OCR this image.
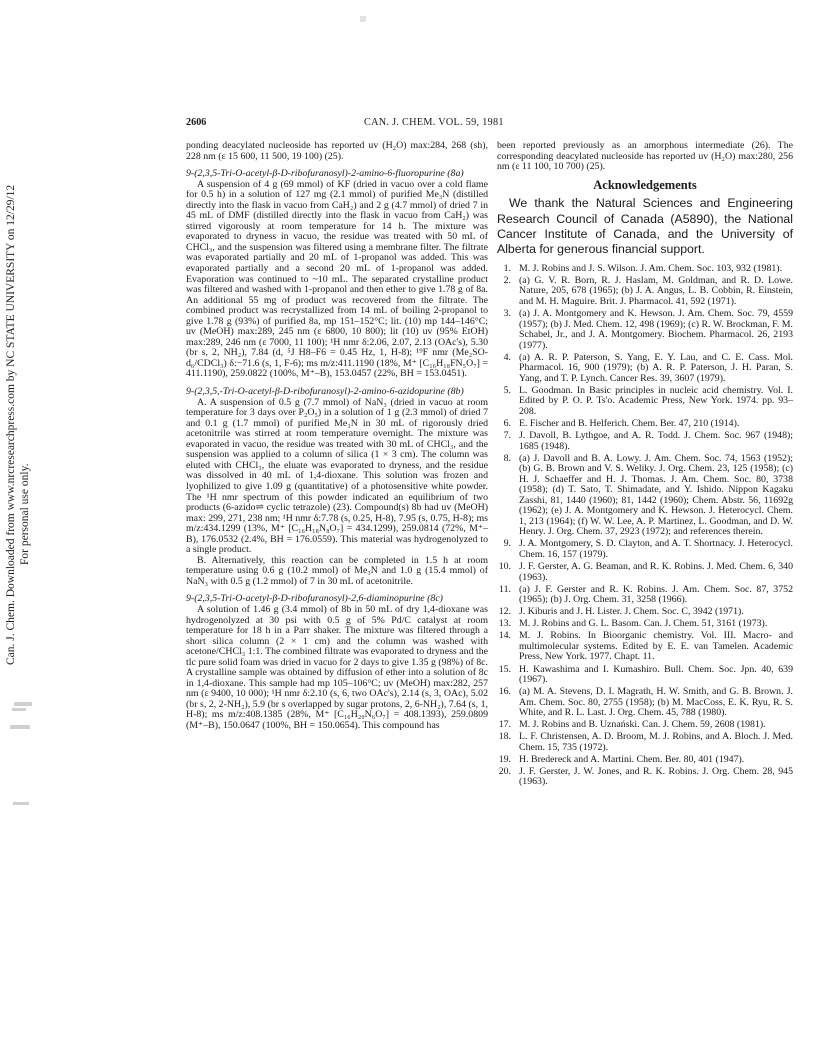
Can. J. Chem. Downloaded from www.nrcresearchpress.com by NC STATE UNIVERSITY on 12/29/12 For personal use only.
2606	CAN. J. CHEM. VOL. 59, 1981

ponding deacylated nucleoside has reported uv (H₂O) max:284, 268 (sh), 228 nm (ε 15 600, 11 500, 19 100) (25).

9-(2,3,5-Tri-O-acetyl-β-D-ribofuranosyl)-2-amino-6-fluoropurine (8a)

A suspension of 4 g (69 mmol) of KF (dried in vacuo over a cold flame for 0.5 h) in a solution of 127 mg (2.1 mmol) of purified Me₃N (distilled directly into the flask in vacuo from CaH₂) and 2 g (4.7 mmol) of dried 7 in 45 mL of DMF (distilled directly into the flask in vacuo from CaH₂) was stirred vigorously at room temperature for 14 h. The mixture was evaporated to dryness in vacuo, the residue was treated with 50 mL of CHCl₃, and the suspension was filtered using a membrane filter. The filtrate was evaporated partially and 20 mL of 1-propanol was added. This was evaporated partially and a second 20 mL of 1-propanol was added. Evaporation was continued to ~10 mL. The separated crystalline product was filtered and washed with 1-propanol and then ether to give 1.78 g of 8a. An additional 55 mg of product was recovered from the filtrate. The combined product was recrystallized from 14 mL of boiling 2-propanol to give 1.78 g (93%) of purified 8a, mp 151–152°C; lit. (10) mp 144–146°C; uv (MeOH) max:289, 245 nm (ε 6800, 10 800); lit (10) uv (95% EtOH) max:289, 246 nm (ε 7000, 11 100); ¹H nmr δ:2.06, 2.07, 2.13 (OAc's), 5.30 (br s, 2, NH₂), 7.84 (d, ⁵J H8–F6 = 0.45 Hz, 1, H-8); ¹⁹F nmr (Me₂SO-d₆/CDCl₃) δ:−71.6 (s, 1, F-6); ms m/z:411.1190 (18%, M⁺ [C₁₆H₁₈FN₅O₇] = 411.1190), 259.0822 (100%, M⁺–B), 153.0457 (22%, BH = 153.0451).

9-(2,3,5,-Tri-O-acetyl-β-D-ribofuranosyl)-2-amino-6-azidopurine (8b)

A. A suspension of 0.5 g (7.7 mmol) of NaN₃ (dried in vacuo at room temperature for 3 days over P₂O₅) in a solution of 1 g (2.3 mmol) of dried 7 and 0.1 g (1.7 mmol) of purified Me₃N in 30 mL of rigorously dried acetonitrile was stirred at room temperature overnight. The mixture was evaporated in vacuo, the residue was treated with 30 mL of CHCl₃, and the suspension was applied to a column of silica (1 × 3 cm). The column was eluted with CHCl₃, the eluate was evaporated to dryness, and the residue was dissolved in 40 mL of 1,4-dioxane. This solution was frozen and lyophilized to give 1.09 g (quantitative) of a photosensitive white powder. The ¹H nmr spectrum of this powder indicated an equilibrium of two products (6-azido⇌ cyclic tetrazole) (23). Compound(s) 8b had uv (MeOH) max: 299, 271, 238 nm; ¹H nmr δ:7.78 (s, 0.25, H-8), 7.95 (s, 0.75, H-8); ms m/z:434.1299 (13%, M⁺ [C₁₆H₁₈N₈O₇] = 434.1299), 259.0814 (72%, M⁺–B), 176.0532 (2.4%, BH = 176.0559). This material was hydrogenolyzed to a single product.

B. Alternatively, this reaction can be completed in 1.5 h at room temperature using 0.6 g (10.2 mmol) of Me₃N and 1.0 g (15.4 mmol) of NaN₃ with 0.5 g (1.2 mmol) of 7 in 30 mL of acetonitrile.

9-(2,3,5-Tri-O-acetyl-β-D-ribofuranosyl)-2,6-diaminopurine (8c)

A solution of 1.46 g (3.4 mmol) of 8b in 50 mL of dry 1,4-dioxane was hydrogenolyzed at 30 psi with 0.5 g of 5% Pd/C catalyst at room temperature for 18 h in a Parr shaker. The mixture was filtered through a short silica column (2 × 1 cm) and the column was washed with acetone/CHCl₃ 1:1. The combined filtrate was evaporated to dryness and the tlc pure solid foam was dried in vacuo for 2 days to give 1.35 g (98%) of 8c. A crystalline sample was obtained by diffusion of ether into a solution of 8c in 1,4-dioxane. This sample had mp 105–106°C; uv (MeOH) max:282, 257 nm (ε 9400, 10 000); ¹H nmr δ:2.10 (s, 6, two OAc's), 2.14 (s, 3, OAc), 5.02 (br s, 2, 2-NH₂), 5.9 (br s overlapped by sugar protons, 2, 6-NH₂), 7.64 (s, 1, H-8); ms m/z:408.1385 (28%, M⁺ [C₁₆H₂₀N₆O₇] = 408.1393), 259.0809 (M⁺–B), 150.0647 (100%, BH = 150.0654). This compound has

been reported previously as an amorphous intermediate (26). The corresponding deacylated nucleoside has reported uv (H₂O) max:280, 256 nm (ε 11 100, 10 700) (25).

Acknowledgements

We thank the Natural Sciences and Engineering Research Council of Canada (A5890), the National Cancer Institute of Canada, and the University of Alberta for generous financial support.

1. M. J. Robins and J. S. Wilson. J. Am. Chem. Soc. 103, 932 (1981).
2. (a) G. V. R. Born, R. J. Haslam, M. Goldman, and R. D. Lowe. Nature, 205, 678 (1965); (b) J. A. Angus, L. B. Cobbin, R. Einstein, and M. H. Maguire. Brit. J. Pharmacol. 41, 592 (1971).
3. (a) J. A. Montgomery and K. Hewson. J. Am. Chem. Soc. 79, 4559 (1957); (b) J. Med. Chem. 12, 498 (1969); (c) R. W. Brockman, F. M. Schabel, Jr., and J. A. Montgomery. Biochem. Pharmacol. 26, 2193 (1977).
4. (a) A. R. P. Paterson, S. Yang, E. Y. Lau, and C. E. Cass. Mol. Pharmacol. 16, 900 (1979); (b) A. R. P. Paterson, J. H. Paran, S. Yang, and T. P. Lynch. Cancer Res. 39, 3607 (1979).
5. L. Goodman. In Basic principles in nucleic acid chemistry. Vol. I. Edited by P. O. P. Ts'o. Academic Press, New York. 1974. pp. 93–208.
6. E. Fischer and B. Helferich. Chem. Ber. 47, 210 (1914).
7. J. Davoll, B. Lythgoe, and A. R. Todd. J. Chem. Soc. 967 (1948); 1685 (1948).
8. (a) J. Davoll and B. A. Lowy. J. Am. Chem. Soc. 74, 1563 (1952); (b) G. B. Brown and V. S. Weliky. J. Org. Chem. 23, 125 (1958); (c) H. J. Schaeffer and H. J. Thomas. J. Am. Chem. Soc. 80, 3738 (1958); (d) T. Sato, T. Shimadate, and Y. Ishido. Nippon Kagaku Zasshi, 81, 1440 (1960); 81, 1442 (1960); Chem. Abstr. 56, 11692g (1962); (e) J. A. Montgomery and K. Hewson. J. Heterocycl. Chem. 1, 213 (1964); (f) W. W. Lee, A. P. Martinez, L. Goodman, and D. W. Henry. J. Org. Chem. 37, 2923 (1972); and references therein.
9. J. A. Montgomery, S. D. Clayton, and A. T. Shortnacy. J. Heterocycl. Chem. 16, 157 (1979).
10. J. F. Gerster, A. G. Beaman, and R. K. Robins. J. Med. Chem. 6, 340 (1963).
11. (a) J. F. Gerster and R. K. Robins. J. Am. Chem. Soc. 87, 3752 (1965); (b) J. Org. Chem. 31, 3258 (1966).
12. J. Kiburis and J. H. Lister. J. Chem. Soc. C, 3942 (1971).
13. M. J. Robins and G. L. Basom. Can. J. Chem. 51, 3161 (1973).
14. M. J. Robins. In Bioorganic chemistry. Vol. III. Macro- and multimolecular systems. Edited by E. E. van Tamelen. Academic Press, New York. 1977. Chapt. 11.
15. H. Kawashima and I. Kumashiro. Bull. Chem. Soc. Jpn. 40, 639 (1967).
16. (a) M. A. Stevens, D. I. Magrath, H. W. Smith, and G. B. Brown. J. Am. Chem. Soc. 80, 2755 (1958); (b) M. MacCoss, E. K. Ryu, R. S. White, and R. L. Last. J. Org. Chem. 45, 788 (1980).
17. M. J. Robins and B. Uznański. Can. J. Chem. 59, 2608 (1981).
18. L. F. Christensen, A. D. Broom, M. J. Robins, and A. Bloch. J. Med. Chem. 15, 735 (1972).
19. H. Bredereck and A. Martini. Chem. Ber. 80, 401 (1947).
20. J. F. Gerster, J. W. Jones, and R. K. Robins. J. Org. Chem. 28, 945 (1963).
